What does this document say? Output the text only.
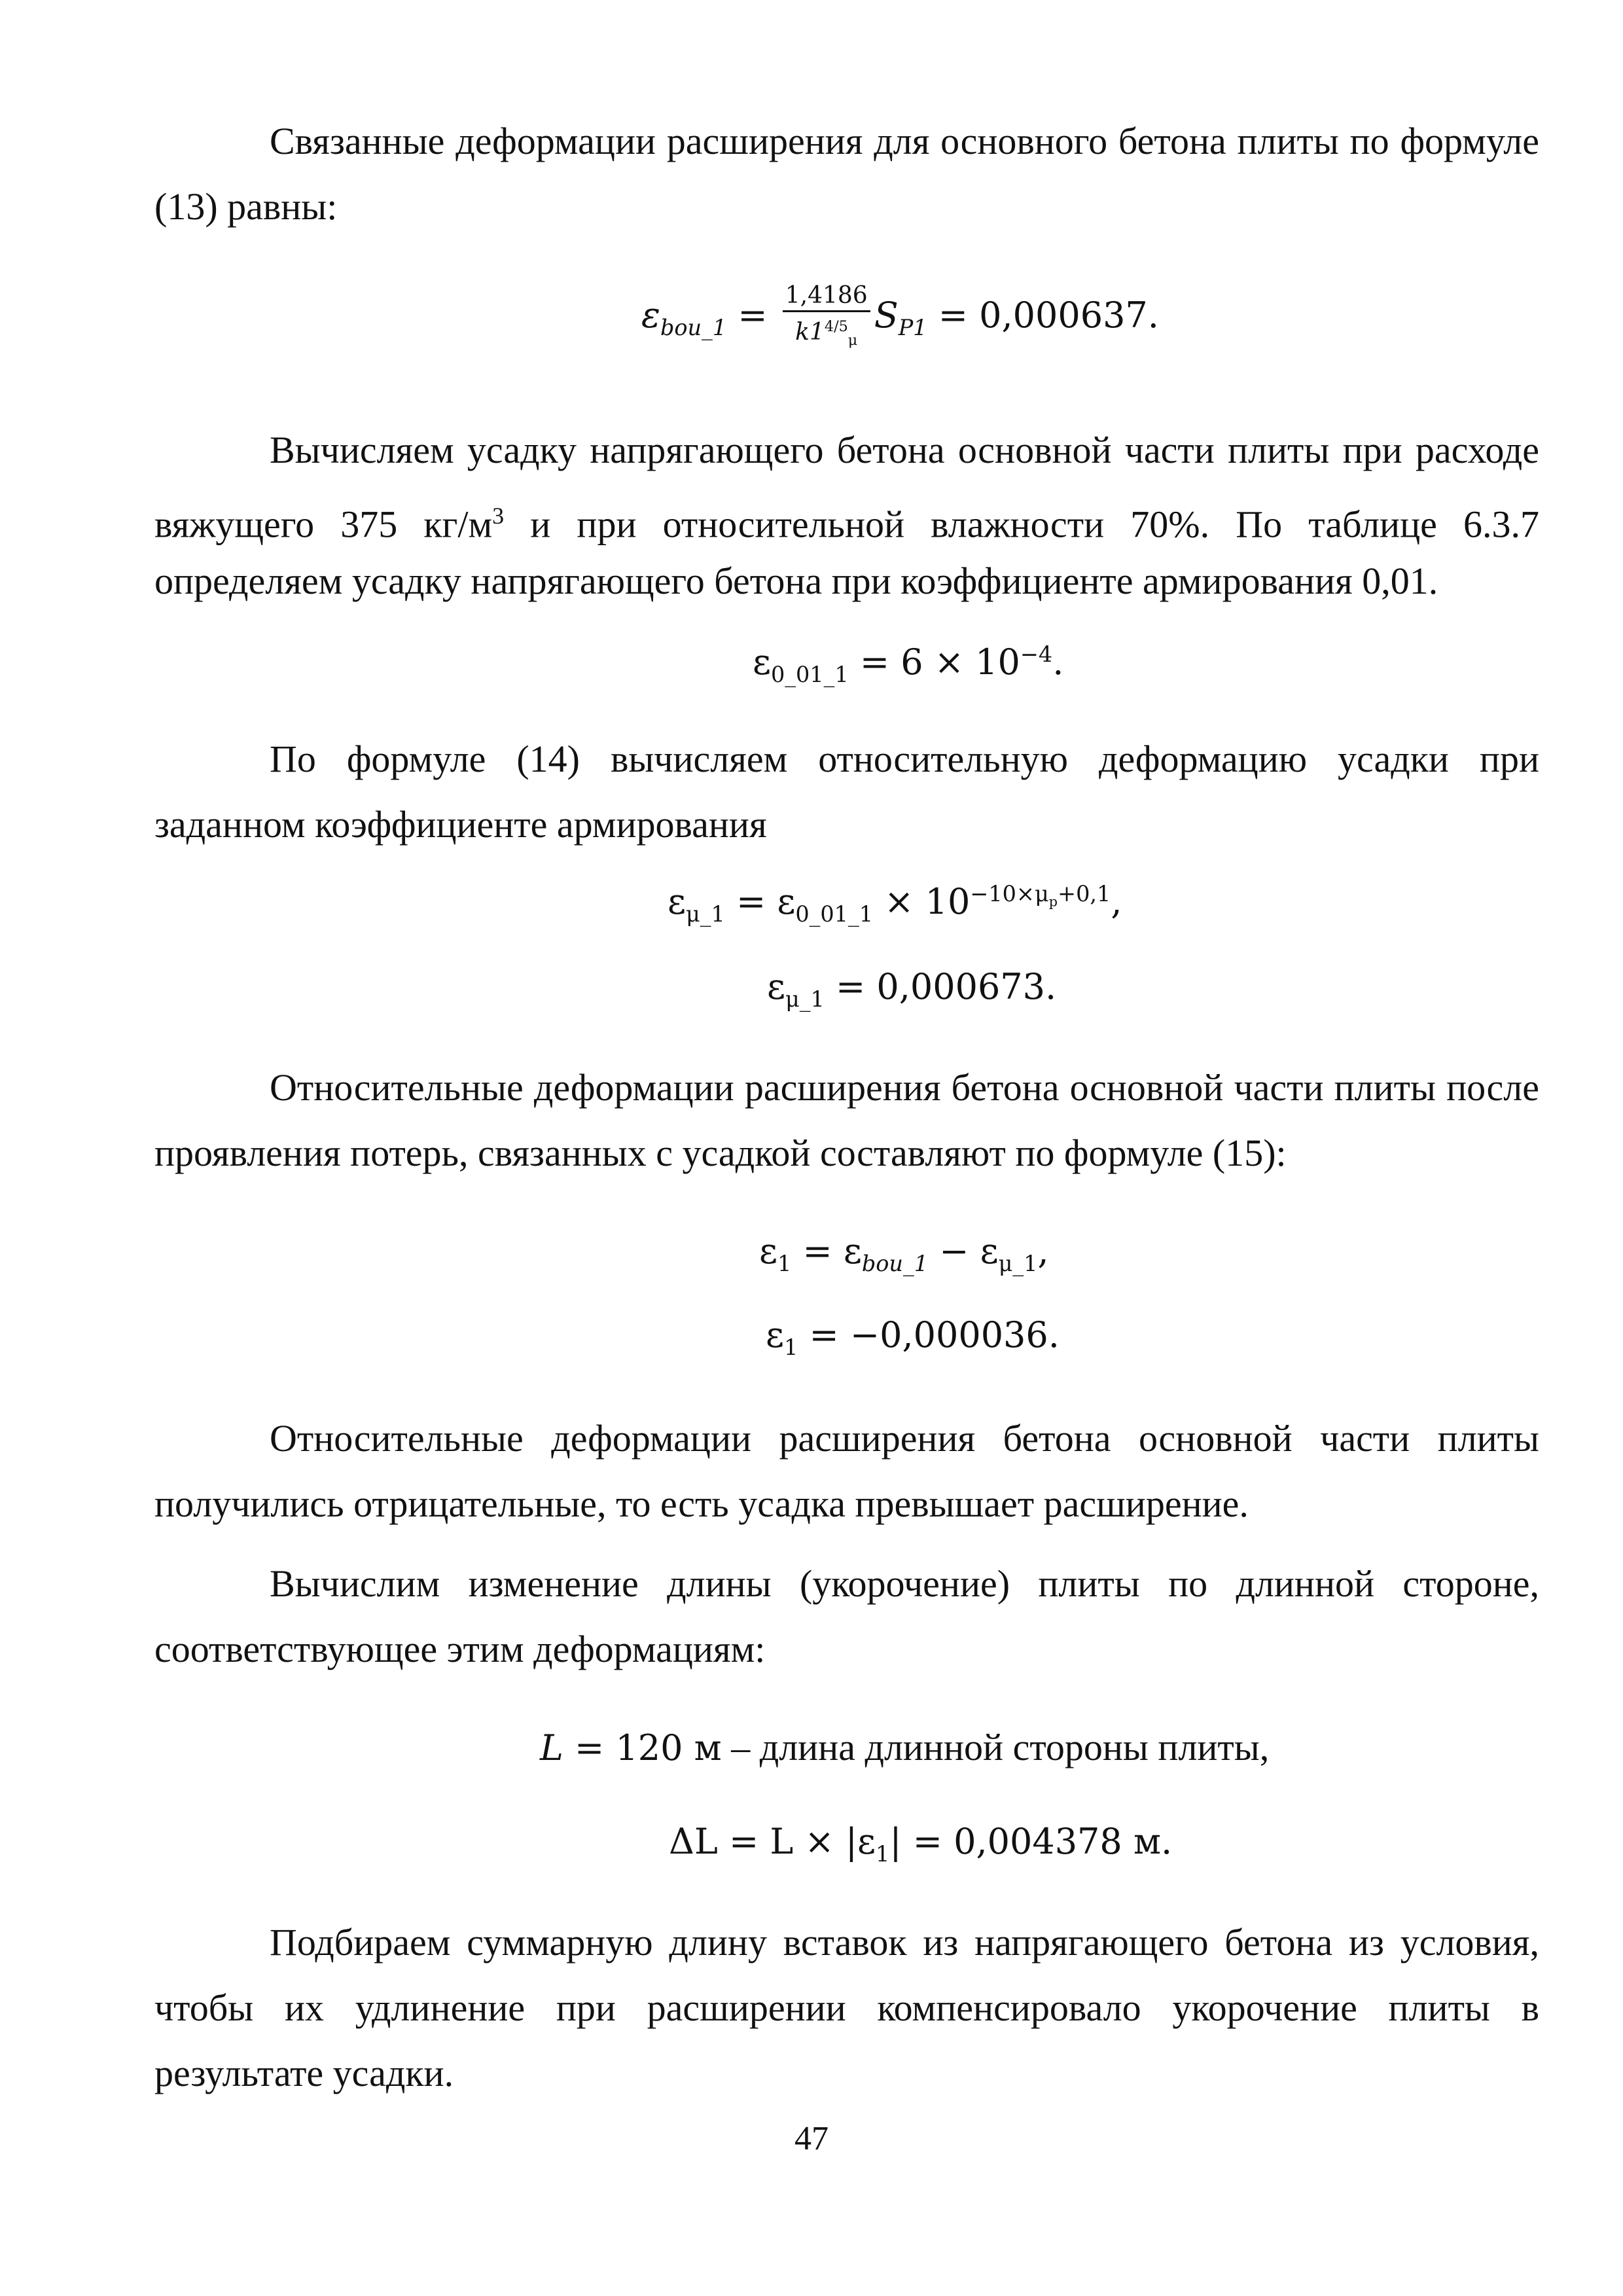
Связанные деформации расширения для основного бетона плиты по формуле
(13) равны:
$\varepsilon_{bou\_1} = \frac{1,4186}{k1^{4/5}_\mu} S_{P1} = 0,000637$.
Вычисляем усадку напрягающего бетона основной части плиты при расходе
вяжущего 375 $кг/м^3$ и при относительной влажности 70%. По таблице 6.3.7
определяем усадку напрягающего бетона при коэффициенте армирования 0,01.
$\varepsilon_{0\_01\_1} = 6 \times 10^{-4}$.
По формуле (14) вычисляем относительную деформацию усадки при
заданном коэффициенте армирования
$\varepsilon_{\mu\_1} = \varepsilon_{0\_01\_1} \times 10^{-10\times\mu_p+0,1}$,
$\varepsilon_{\mu\_1} = 0,000673$.
Относительные деформации расширения бетона основной части плиты после
проявления потерь, связанных с усадкой составляют по формуле (15):
$\varepsilon_1 = \varepsilon_{bou\_1} - \varepsilon_{\mu\_1}$,
$\varepsilon_1 = -0,000036$.
Относительные деформации расширения бетона основной части плиты
получились отрицательные, то есть усадка превышает расширение.
Вычислим изменение длины (укорочение) плиты по длинной стороне,
соответствующее этим деформациям:
L = 120 м – длина длинной стороны плиты,
$\Delta L = L \times |\varepsilon_1| = 0,004378$ м.
Подбираем суммарную длину вставок из напрягающего бетона из условия,
чтобы их удлинение при расширении компенсировало укорочение плиты в
результате усадки.
47
